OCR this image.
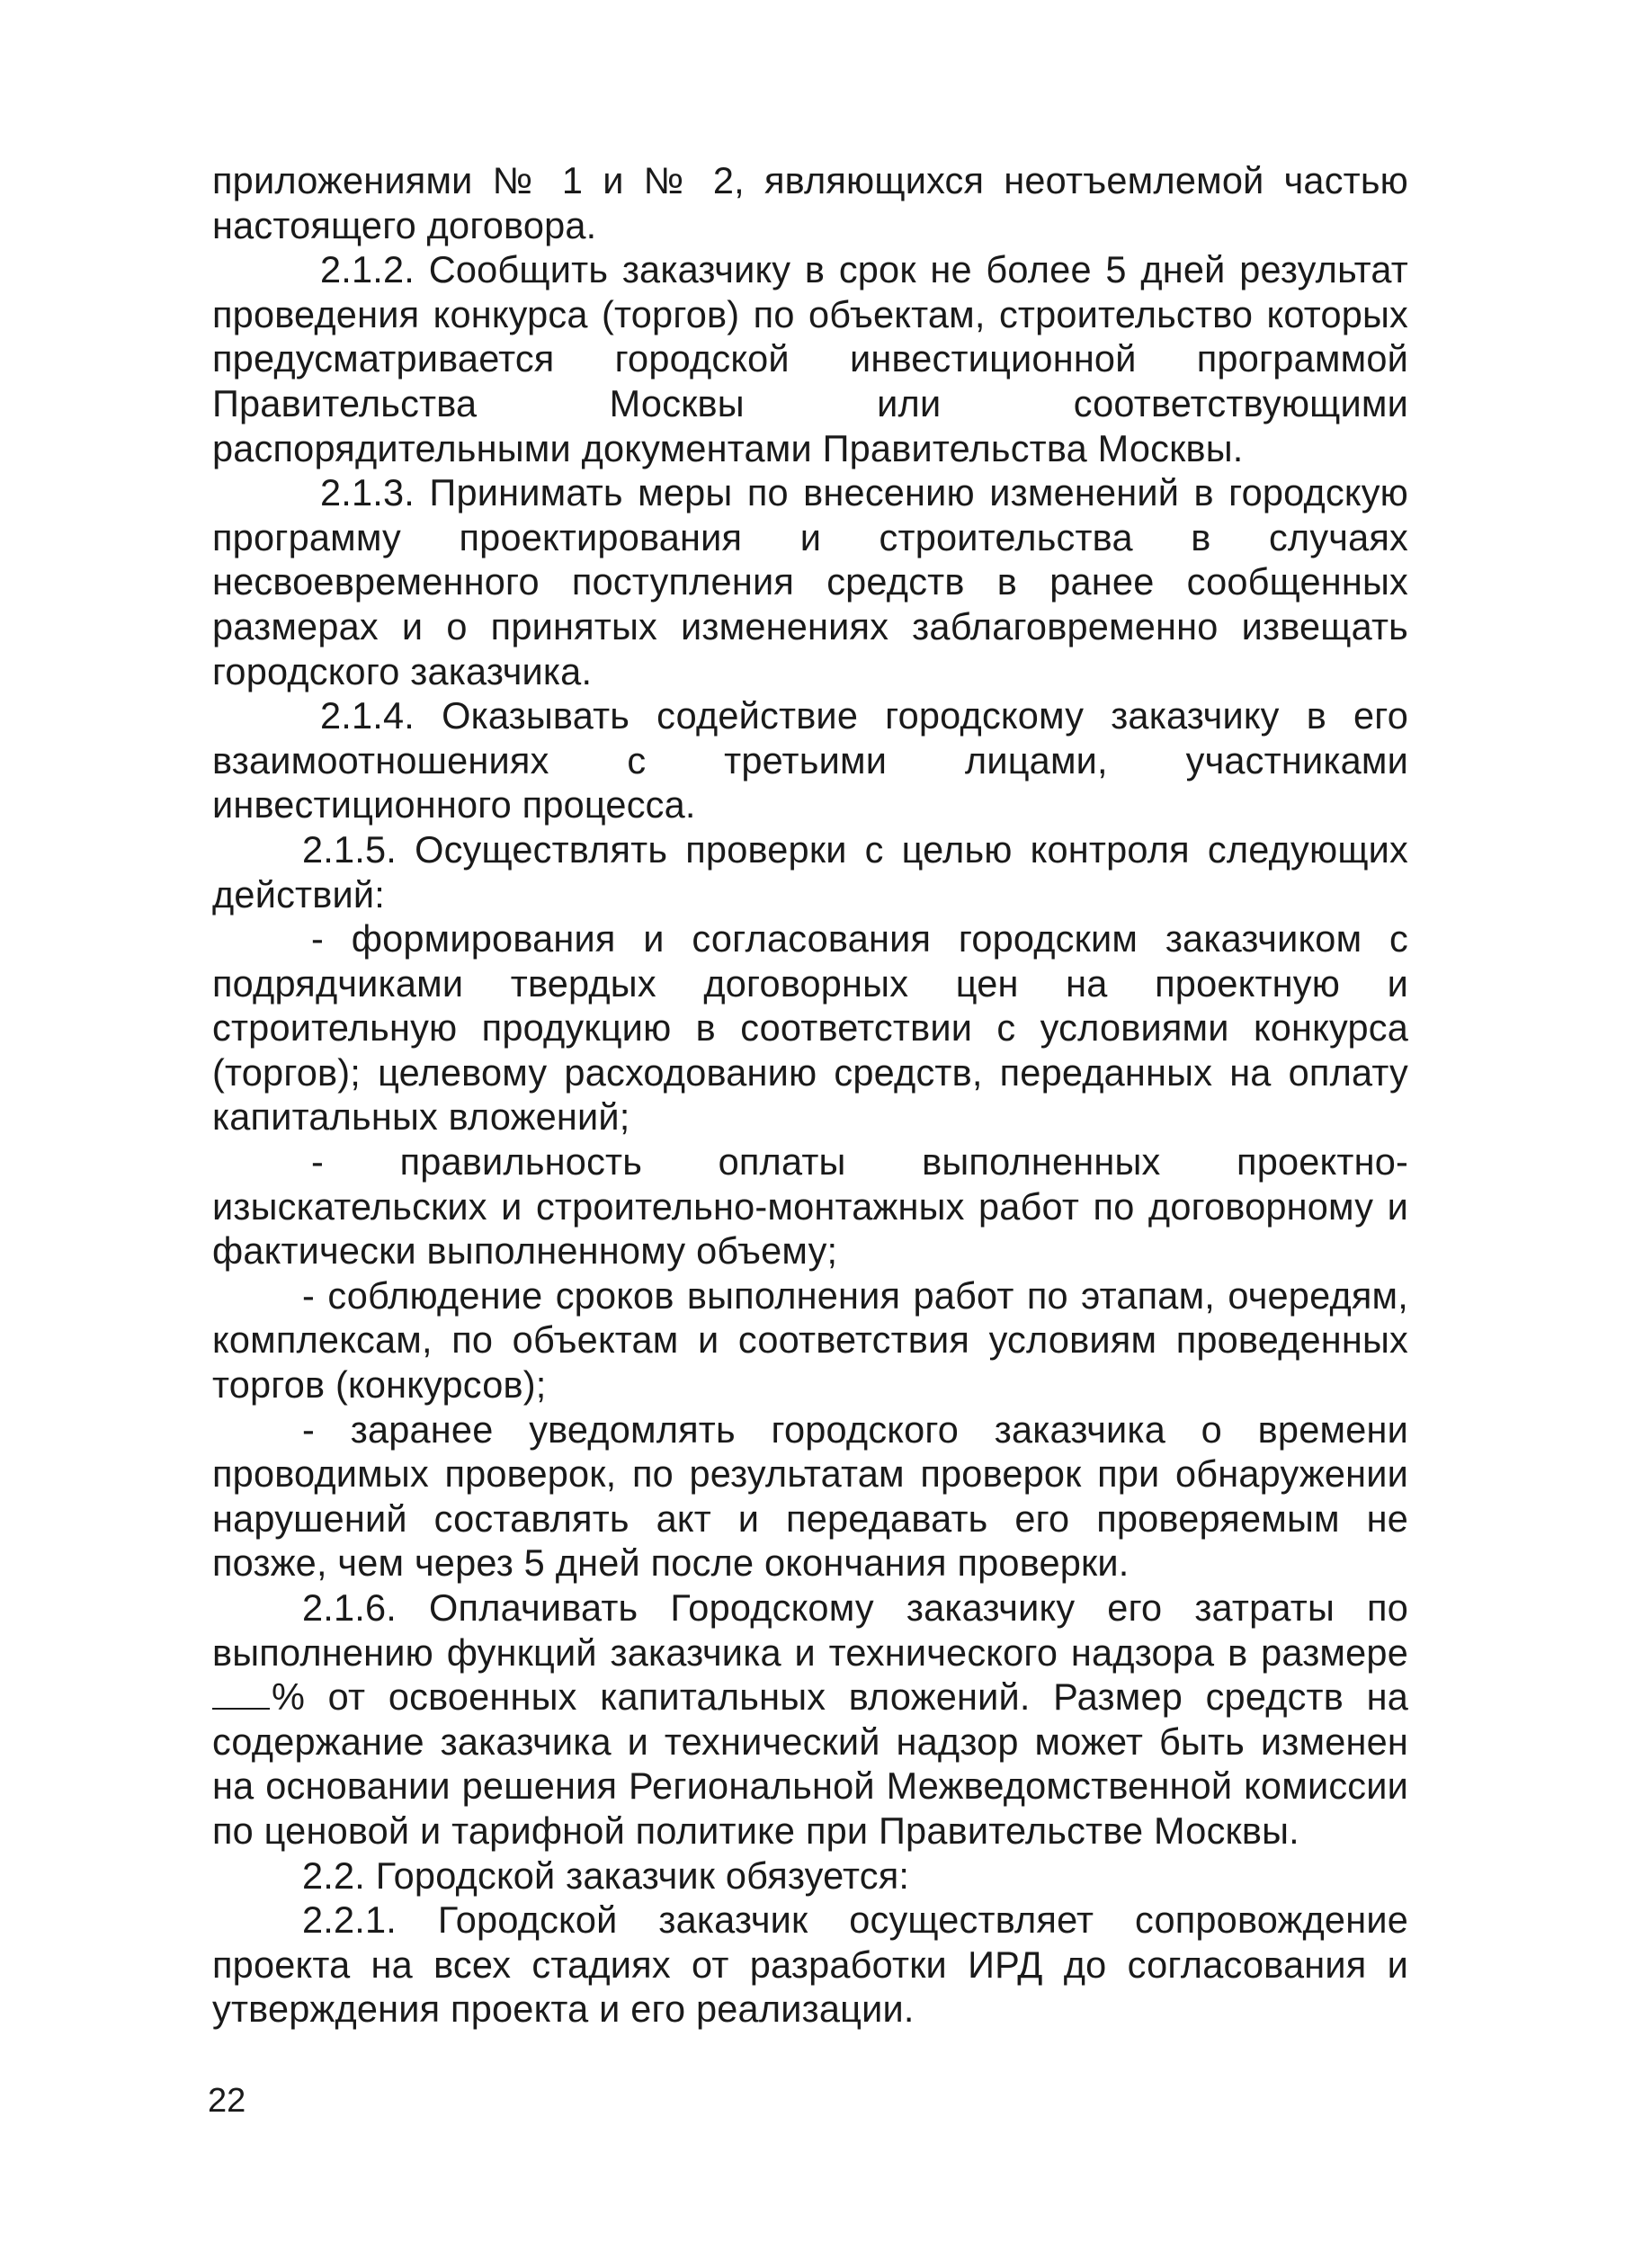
приложениями № 1 и № 2, являющихся неотъемлемой частью настоящего договора.

2.1.2. Сообщить заказчику в срок не более 5 дней результат проведения конкурса (торгов) по объектам, строительство которых предусматривается городской инвестиционной программой Правительства Москвы или соответствующими распорядительными документами Правительства Москвы.

2.1.3. Принимать меры по внесению изменений в городскую программу проектирования и строительства в случаях несвоевременного поступления средств в ранее сообщенных размерах и о принятых изменениях заблаговременно извещать городского заказчика.

2.1.4. Оказывать содействие городскому заказчику в его взаимоотношениях с третьими лицами, участниками инвестиционного процесса.

2.1.5. Осуществлять проверки с целью контроля следующих действий:

- формирования и согласования городским заказчиком с подрядчиками твердых договорных цен на проектную и строительную продукцию в соответствии с условиями конкурса (торгов); целевому расходованию средств, переданных на оплату капитальных вложений;

- правильность оплаты выполненных проектно-изыскательских и строительно-монтажных работ по договорному и фактически выполненному объему;

- соблюдение сроков выполнения работ по этапам, очередям, комплексам, по объектам и соответствия условиям проведенных торгов (конкурсов);

- заранее уведомлять городского заказчика о времени проводимых проверок, по результатам проверок при обнаружении нарушений составлять акт и передавать его проверяемым не позже, чем через 5 дней после окончания проверки.

2.1.6. Оплачивать Городскому заказчику его затраты по выполнению функций заказчика и технического надзора в размере % от освоенных капитальных вложений. Размер средств на содержание заказчика и технический надзор может быть изменен на основании решения Региональной Межведомственной комиссии по ценовой и тарифной политике при Правительстве Москвы.

2.2. Городской заказчик обязуется:

2.2.1. Городской заказчик осуществляет сопровождение проекта на всех стадиях от разработки ИРД до согласования и утверждения проекта и его реализации.

22
